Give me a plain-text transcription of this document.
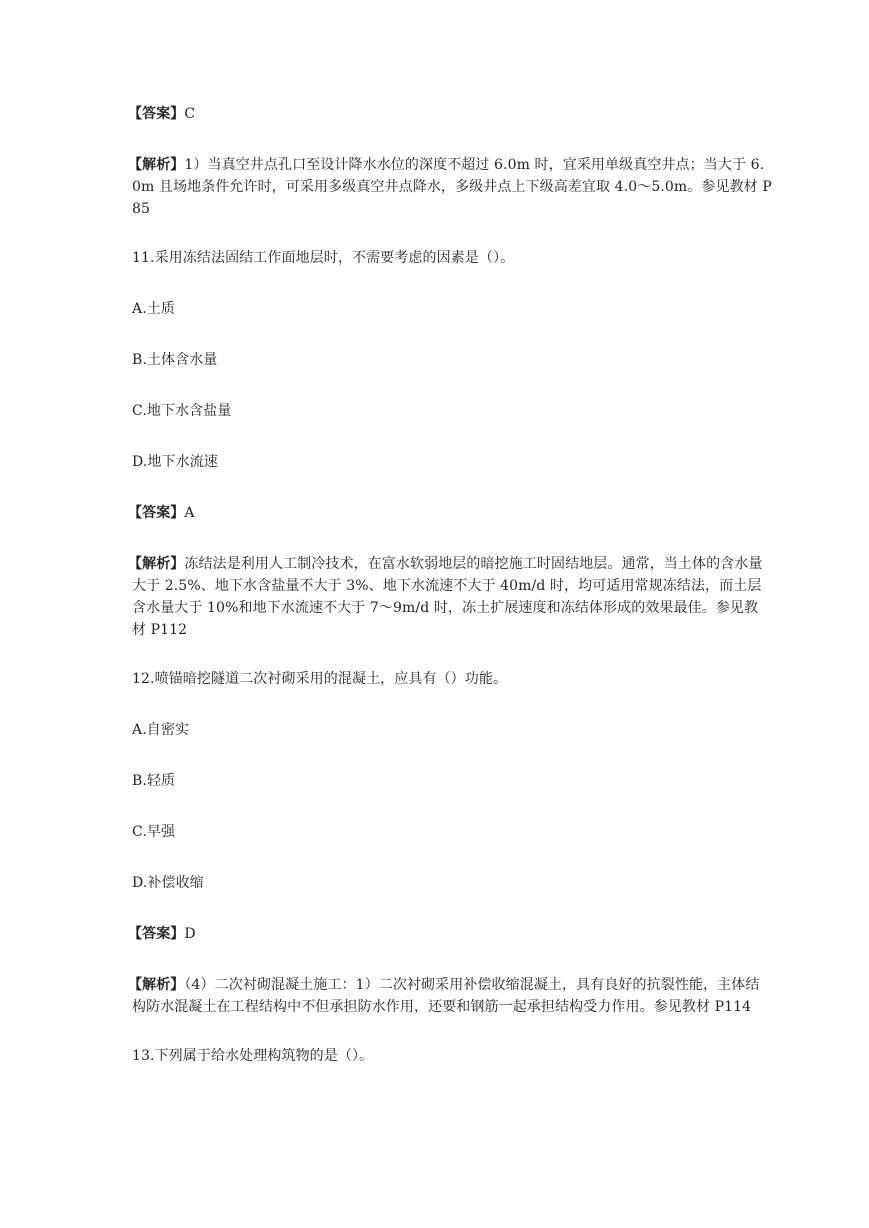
【答案】C

【解析】1）当真空井点孔口至设计降水水位的深度不超过 6.0m 时，宜采用单级真空井点；当大于 6.0m 且场地条件允许时，可采用多级真空井点降水，多级井点上下级高差宜取 4.0～5.0m。参见教材 P85

11.采用冻结法固结工作面地层时，不需要考虑的因素是（）。

A.土质

B.土体含水量

C.地下水含盐量

D.地下水流速

【答案】A

【解析】冻结法是利用人工制冷技术，在富水软弱地层的暗挖施工时固结地层。通常，当土体的含水量大于 2.5%、地下水含盐量不大于 3%、地下水流速不大于 40m/d 时，均可适用常规冻结法，而土层含水量大于 10%和地下水流速不大于 7～9m/d 时，冻土扩展速度和冻结体形成的效果最佳。参见教材 P112

12.喷锚暗挖隧道二次衬砌采用的混凝土，应具有（）功能。

A.自密实

B.轻质

C.早强

D.补偿收缩

【答案】D

【解析】（4）二次衬砌混凝土施工：1）二次衬砌采用补偿收缩混凝土，具有良好的抗裂性能，主体结构防水混凝土在工程结构中不但承担防水作用，还要和钢筋一起承担结构受力作用。参见教材 P114

13.下列属于给水处理构筑物的是（）。
